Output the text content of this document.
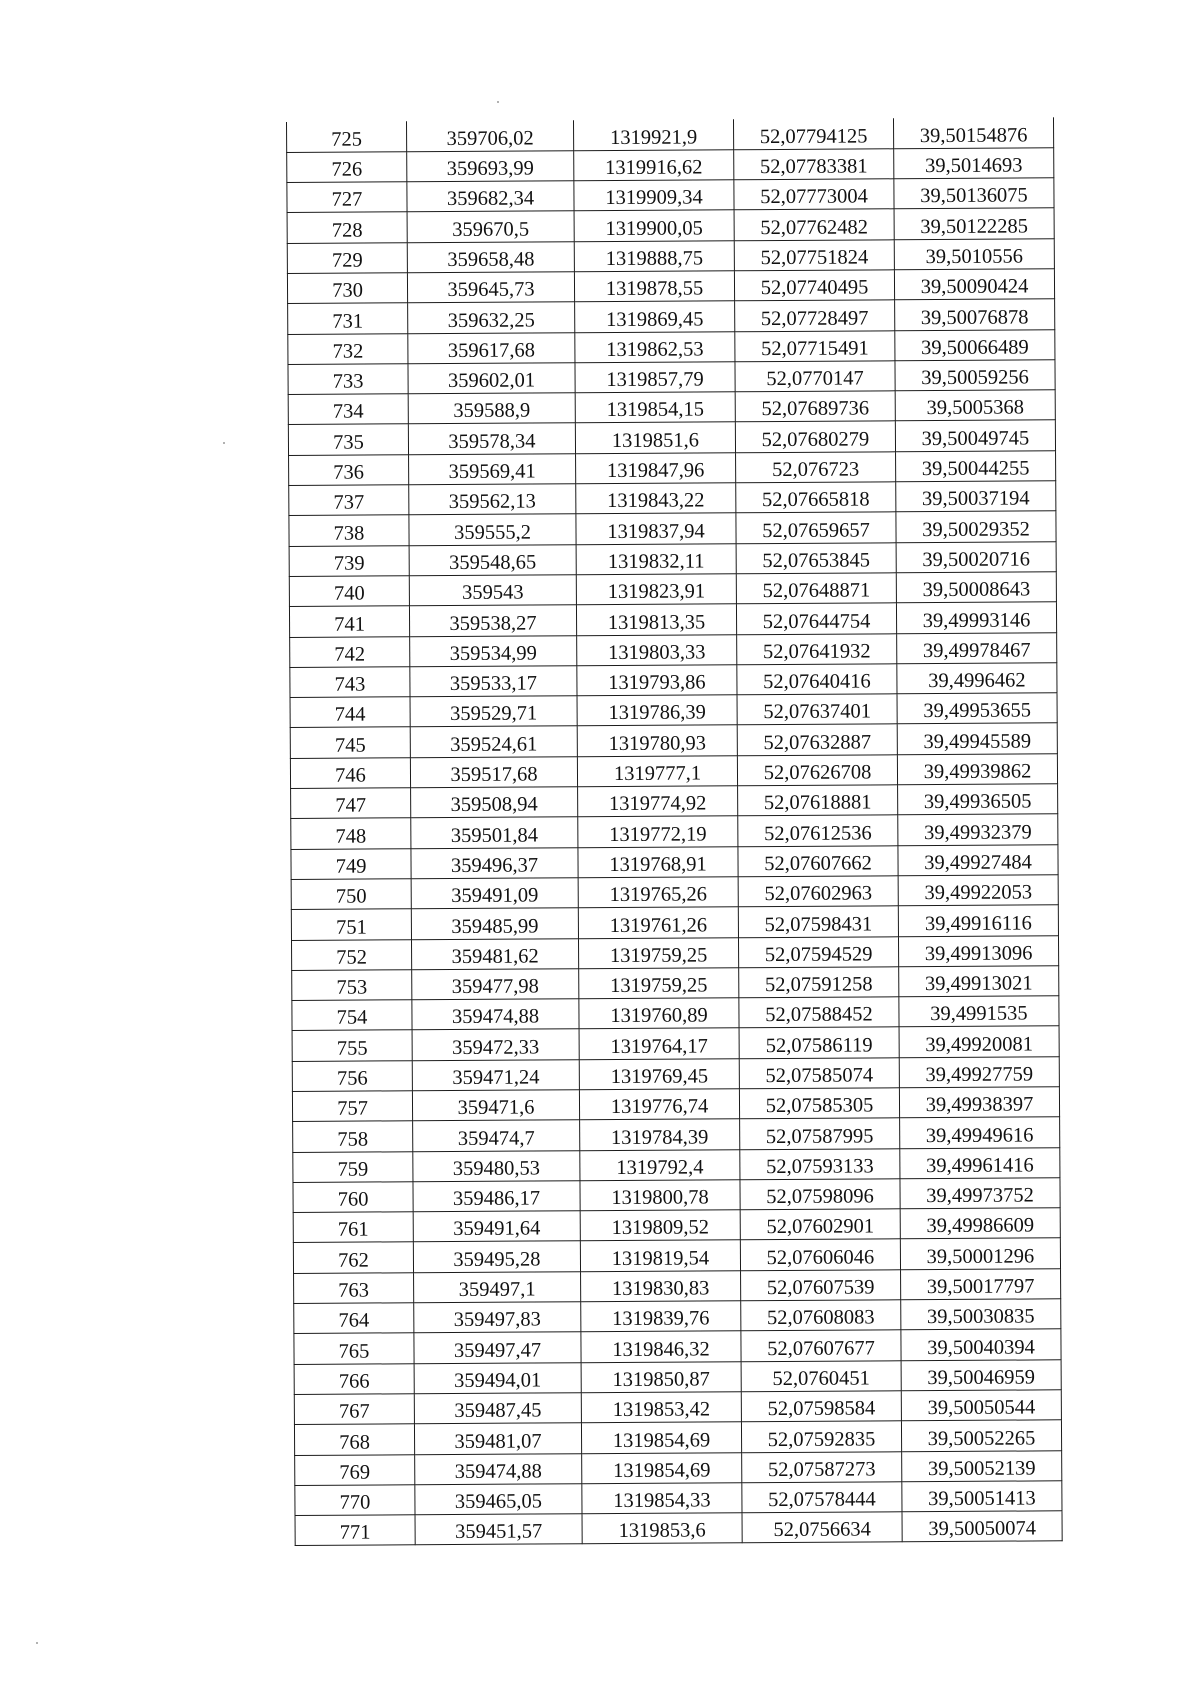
725	359706,02	1319921,9	52,07794125	39,50154876
726	359693,99	1319916,62	52,07783381	39,5014693
727	359682,34	1319909,34	52,07773004	39,50136075
728	359670,5	1319900,05	52,07762482	39,50122285
729	359658,48	1319888,75	52,07751824	39,5010556
730	359645,73	1319878,55	52,07740495	39,50090424
731	359632,25	1319869,45	52,07728497	39,50076878
732	359617,68	1319862,53	52,07715491	39,50066489
733	359602,01	1319857,79	52,0770147	39,50059256
734	359588,9	1319854,15	52,07689736	39,5005368
735	359578,34	1319851,6	52,07680279	39,50049745
736	359569,41	1319847,96	52,076723	39,50044255
737	359562,13	1319843,22	52,07665818	39,50037194
738	359555,2	1319837,94	52,07659657	39,50029352
739	359548,65	1319832,11	52,07653845	39,50020716
740	359543	1319823,91	52,07648871	39,50008643
741	359538,27	1319813,35	52,07644754	39,49993146
742	359534,99	1319803,33	52,07641932	39,49978467
743	359533,17	1319793,86	52,07640416	39,4996462
744	359529,71	1319786,39	52,07637401	39,49953655
745	359524,61	1319780,93	52,07632887	39,49945589
746	359517,68	1319777,1	52,07626708	39,49939862
747	359508,94	1319774,92	52,07618881	39,49936505
748	359501,84	1319772,19	52,07612536	39,49932379
749	359496,37	1319768,91	52,07607662	39,49927484
750	359491,09	1319765,26	52,07602963	39,49922053
751	359485,99	1319761,26	52,07598431	39,49916116
752	359481,62	1319759,25	52,07594529	39,49913096
753	359477,98	1319759,25	52,07591258	39,49913021
754	359474,88	1319760,89	52,07588452	39,4991535
755	359472,33	1319764,17	52,07586119	39,49920081
756	359471,24	1319769,45	52,07585074	39,49927759
757	359471,6	1319776,74	52,07585305	39,49938397
758	359474,7	1319784,39	52,07587995	39,49949616
759	359480,53	1319792,4	52,07593133	39,49961416
760	359486,17	1319800,78	52,07598096	39,49973752
761	359491,64	1319809,52	52,07602901	39,49986609
762	359495,28	1319819,54	52,07606046	39,50001296
763	359497,1	1319830,83	52,07607539	39,50017797
764	359497,83	1319839,76	52,07608083	39,50030835
765	359497,47	1319846,32	52,07607677	39,50040394
766	359494,01	1319850,87	52,0760451	39,50046959
767	359487,45	1319853,42	52,07598584	39,50050544
768	359481,07	1319854,69	52,07592835	39,50052265
769	359474,88	1319854,69	52,07587273	39,50052139
770	359465,05	1319854,33	52,07578444	39,50051413
771	359451,57	1319853,6	52,0756634	39,50050074
